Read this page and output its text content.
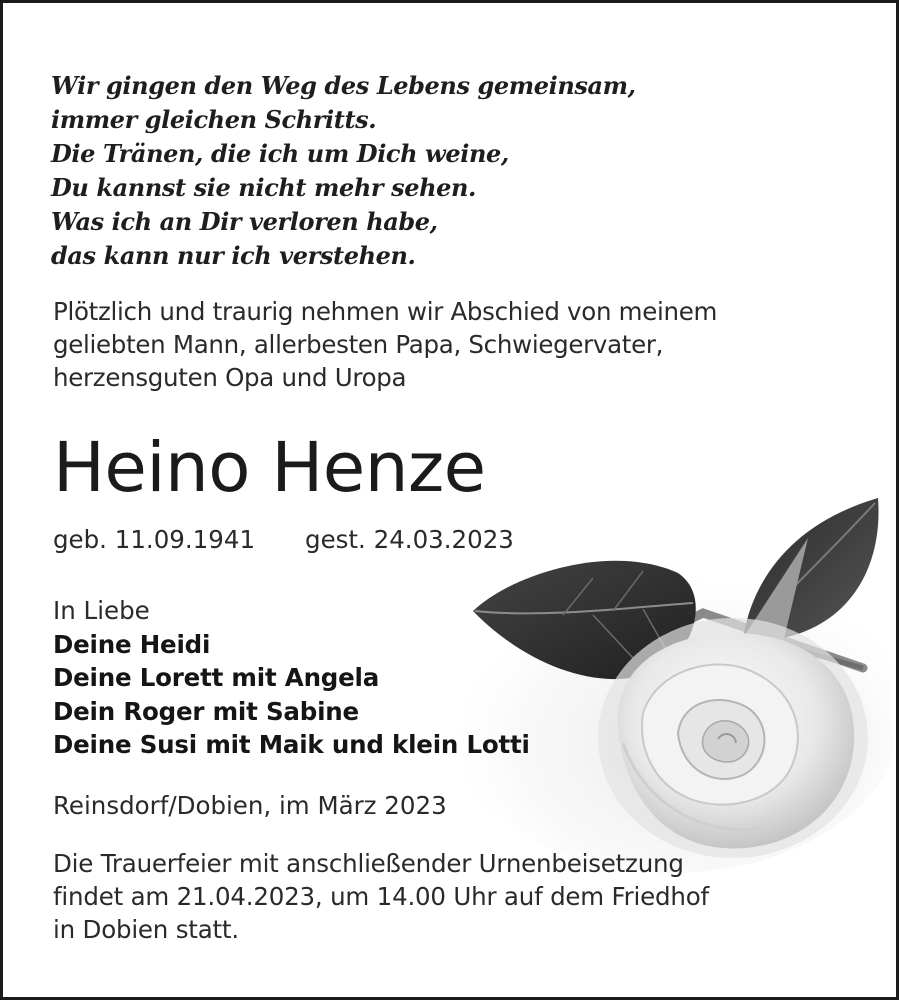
Wir gingen den Weg des Lebens gemeinsam,
immer gleichen Schritts.
Die Tränen, die ich um Dich weine,
Du kannst sie nicht mehr sehen.
Was ich an Dir verloren habe,
das kann nur ich verstehen.
Plötzlich und traurig nehmen wir Abschied von meinem
geliebten Mann, allerbesten Papa, Schwiegervater,
herzensguten Opa und Uropa
Heino Henze
geb. 11.09.1941 gest. 24.03.2023
In Liebe
Deine Heidi
Deine Lorett mit Angela
Dein Roger mit Sabine
Deine Susi mit Maik und klein Lotti
Reinsdorf/Dobien, im März 2023
Die Trauerfeier mit anschließender Urnenbeisetzung
findet am 21.04.2023, um 14.00 Uhr auf dem Friedhof
in Dobien statt.
